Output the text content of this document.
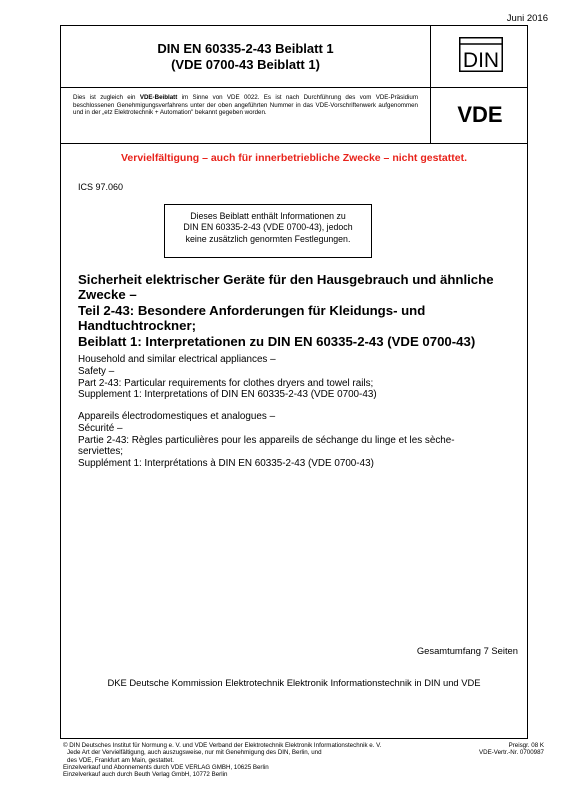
Juni 2016
DIN EN 60335-2-43 Beiblatt 1
(VDE 0700-43 Beiblatt 1)	DIN
Dies ist zugleich ein VDE-Beiblatt im Sinne von VDE 0022. Es ist nach Durchführung des vom VDE-Präsidium beschlossenen Genehmigungsverfahrens unter der oben angeführten Nummer in das VDE-Vorschriftenwerk aufgenommen und in der „etz Elektrotechnik + Automation" bekannt gegeben worden.	VDE
Vervielfältigung – auch für innerbetriebliche Zwecke – nicht gestattet.
ICS 97.060
Dieses Beiblatt enthält Informationen zu
DIN EN 60335-2-43 (VDE 0700-43), jedoch
keine zusätzlich genormten Festlegungen.
Sicherheit elektrischer Geräte für den Hausgebrauch und ähnliche
Zwecke –
Teil 2-43: Besondere Anforderungen für Kleidungs- und
Handtuchtrockner;
Beiblatt 1: Interpretationen zu DIN EN 60335-2-43 (VDE 0700-43)
Household and similar electrical appliances –
Safety –
Part 2-43: Particular requirements for clothes dryers and towel rails;
Supplement 1: Interpretations of DIN EN 60335-2-43 (VDE 0700-43)
Appareils électrodomestiques et analogues –
Sécurité –
Partie 2-43: Règles particulières pour les appareils de séchange du linge et les sèche-
serviettes;
Supplément 1: Interprétations à DIN EN 60335-2-43 (VDE 0700-43)
Gesamtumfang 7 Seiten
DKE Deutsche Kommission Elektrotechnik Elektronik Informationstechnik in DIN und VDE
© DIN Deutsches Institut für Normung e. V. und VDE Verband der Elektrotechnik Elektronik Informationstechnik e. V.
Jede Art der Vervielfältigung, auch auszugsweise, nur mit Genehmigung des DIN, Berlin, und
des VDE, Frankfurt am Main, gestattet.
Einzelverkauf und Abonnements durch VDE VERLAG GMBH, 10625 Berlin
Einzelverkauf auch durch Beuth Verlag GmbH, 10772 Berlin
Preisgr. 08 K
VDE-Vertr.-Nr. 0700987
